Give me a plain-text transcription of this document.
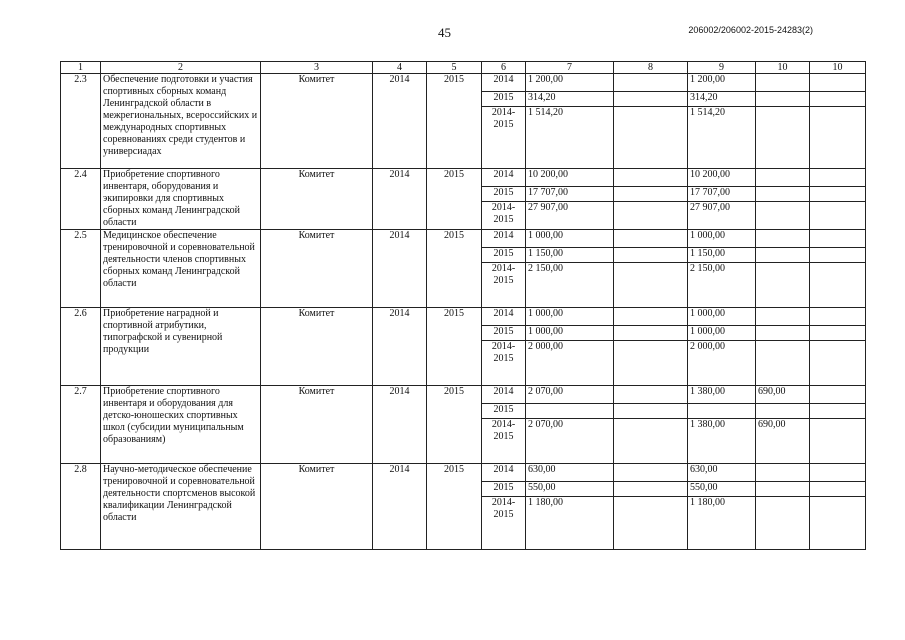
45	206002/206002-2015-24283(2)
1	2	3	4	5	6	7	8	9	10	10
2.3	Обеспечение подготовки и участия спортивных сборных команд Ленинградской области в межрегиональных, всероссийских и международных спортивных соревнованиях среди студентов и универсиадах	Комитет	2014	2015	2014	1 200,00		1 200,00		
					2015	314,20		314,20		
					2014-2015	1 514,20		1 514,20		
2.4	Приобретение спортивного инвентаря, оборудования и экипировки для спортивных сборных команд Ленинградской области	Комитет	2014	2015	2014	10 200,00		10 200,00		
					2015	17 707,00		17 707,00		
					2014-2015	27 907,00		27 907,00		
2.5	Медицинское обеспечение тренировочной и соревновательной деятельности членов спортивных сборных команд Ленинградской области	Комитет	2014	2015	2014	1 000,00		1 000,00		
					2015	1 150,00		1 150,00		
					2014-2015	2 150,00		2 150,00		
2.6	Приобретение наградной и спортивной атрибутики, типографской и сувенирной продукции	Комитет	2014	2015	2014	1 000,00		1 000,00		
					2015	1 000,00		1 000,00		
					2014-2015	2 000,00		2 000,00		
2.7	Приобретение спортивного инвентаря и оборудования для детско-юношеских спортивных школ (субсидии муниципальным образованиям)	Комитет	2014	2015	2014	2 070,00		1 380,00	690,00	
					2015					
					2014-2015	2 070,00		1 380,00	690,00	
2.8	Научно-методическое обеспечение тренировочной и соревновательной деятельности спортсменов высокой квалификации Ленинградской области	Комитет	2014	2015	2014	630,00		630,00		
					2015	550,00		550,00		
					2014-2015	1 180,00		1 180,00		
